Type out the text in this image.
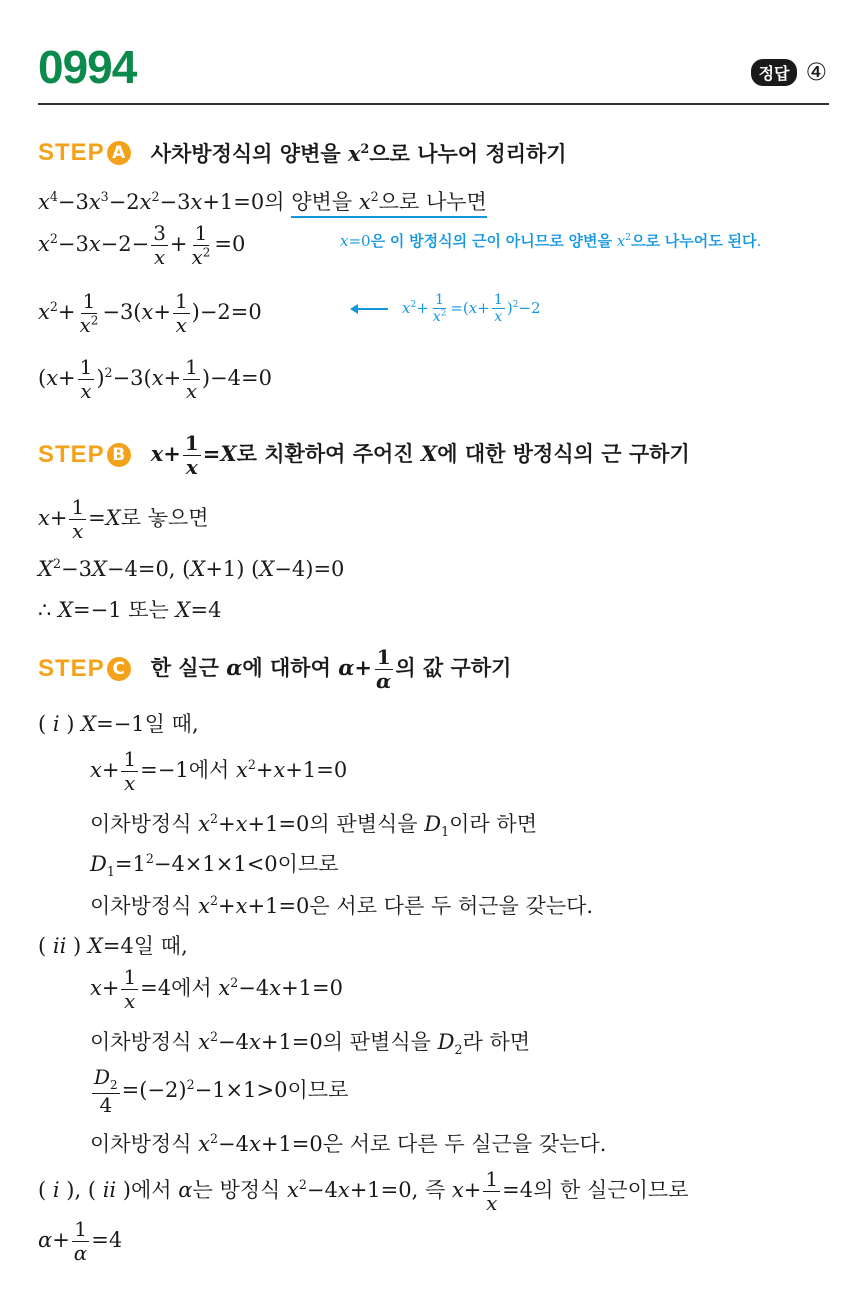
0994	정답 ④
STEP A 사차방정식의 양변을 $x^2$으로 나누어 정리하기
$x^4-3x^3-2x^2-3x+1=0$의 양변을 $x^2$으로 나누면
$x^2-3x-2- \frac{3}{x} + \frac{1}{x^2} =0$	x=0은 이 방정식의 근이 아니므로 양변을 $x^2$으로 나누어도 된다.
$x^2+ \frac{1}{x^2} -3(x+ \frac{1}{x} )-2=0$	$x^2+ \frac{1}{x^2} =(x+ \frac{1}{x} )^2-2$
$(x+ \frac{1}{x} )^2-3(x+ \frac{1}{x} )-4=0$
STEP B $x+ \frac{1}{x} =X$로 치환하여 주어진 X에 대한 방정식의 근 구하기
$x+ \frac{1}{x} =X$로 놓으면
$X^2-3X-4=0$, (X+1) (X−4)=0
∴ X=−1 또는 X=4
STEP C 한 실근 α에 대하여 $\alpha+ \frac{1}{\alpha}$ 의 값 구하기
( i ) X=−1일 때,
$x+ \frac{1}{x} =-1$에서 $x^2+x+1=0$
이차방정식 $x^2+x+1=0$의 판별식을 $D_1$이라 하면
$D_1=1^2-4\times 1\times 1<0$이므로
이차방정식 $x^2+x+1=0$은 서로 다른 두 허근을 갖는다.
( ii ) X=4일 때,
$x+ \frac{1}{x} =4$에서 $x^2-4x+1=0$
이차방정식 $x^2-4x+1=0$의 판별식을 $D_2$라 하면
$\frac{D_2}{4} =(-2)^2-1\times 1>0$이므로
이차방정식 $x^2-4x+1=0$은 서로 다른 두 실근을 갖는다.
( i ), ( ii )에서 α는 방정식 $x^2-4x+1=0$, 즉 $x+ \frac{1}{x} =4$의 한 실근이므로
$\alpha+ \frac{1}{\alpha} =4$
